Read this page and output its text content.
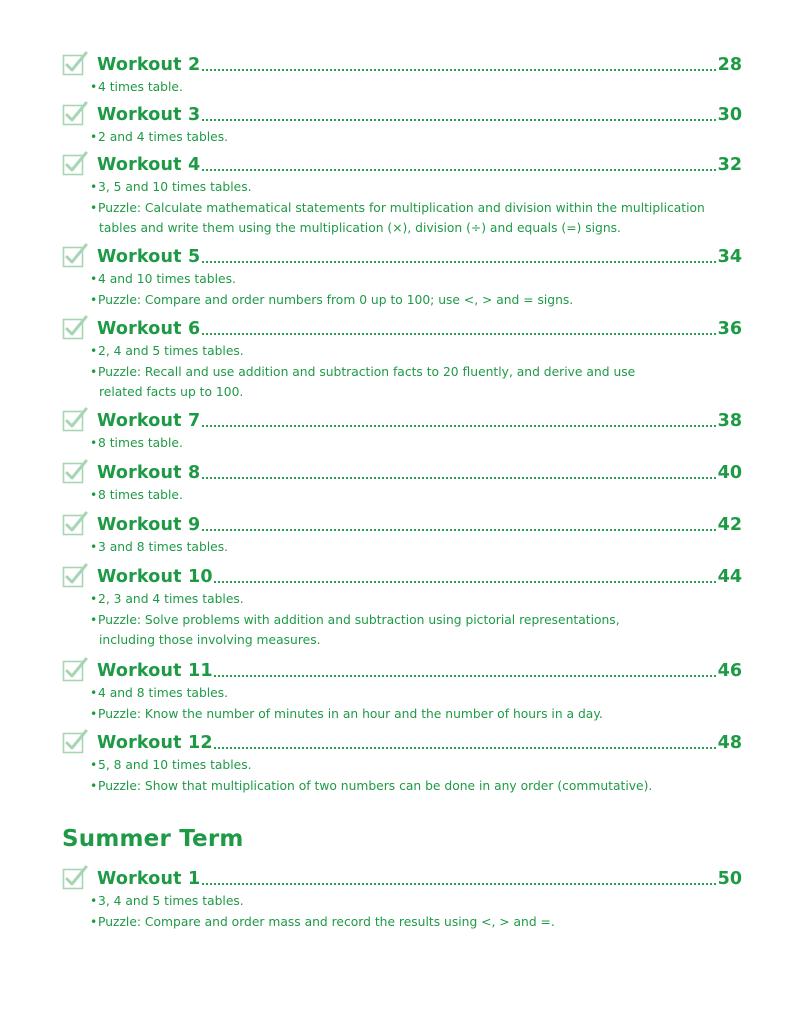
Summer Term
Workout 2	28
•4 times table.
Workout 3	30
•2 and 4 times tables.
Workout 4	32
•3, 5 and 10 times tables.
•Puzzle: Calculate mathematical statements for multiplication and division within the multiplication
tables and write them using the multiplication (×), division (÷) and equals (=) signs.
Workout 5	34
•4 and 10 times tables.
•Puzzle: Compare and order numbers from 0 up to 100; use <, > and = signs.
Workout 6	36
•2, 4 and 5 times tables.
•Puzzle: Recall and use addition and subtraction facts to 20 fluently, and derive and use
related facts up to 100.
Workout 7	38
•8 times table.
Workout 8	40
•8 times table.
Workout 9	42
•3 and 8 times tables.
Workout 10	44
•2, 3 and 4 times tables.
•Puzzle: Solve problems with addition and subtraction using pictorial representations,
including those involving measures.
Workout 11	46
•4 and 8 times tables.
•Puzzle: Know the number of minutes in an hour and the number of hours in a day.
Workout 12	48
•5, 8 and 10 times tables.
•Puzzle: Show that multiplication of two numbers can be done in any order (commutative).
Workout 1	50
•3, 4 and 5 times tables.
•Puzzle: Compare and order mass and record the results using <, > and =.
